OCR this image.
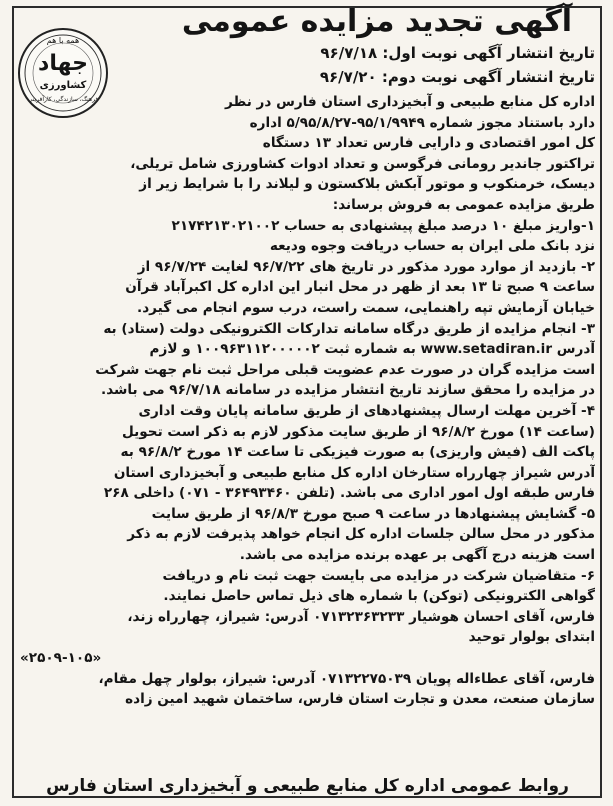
آگهی تجدید مزایده عمومی
همه با هم
جهاد
کشاورزی
فرهنگ، سازندگی، کارآفرینی
تاریخ انتشار آگهی نوبت اول: ۹۶/۷/۱۸
تاریخ انتشار آگهی نوبت دوم: ۹۶/۷/۲۰
اداره کل منابع طبیعی و آبخیزداری استان فارس در نظر
دارد باستناد مجوز شماره ۹۵/۱/۹۹۴۹-۵/۹۵/۸/۲۷ اداره
کل امور اقتصادی و دارایی فارس تعداد ۱۳ دستگاه
تراکتور جاندیر رومانی فرگوسن و تعداد ادوات کشاورزی شامل تریلی،
دیسک، خرمنکوب و موتور آبکش بلاکستون و لیلاند را با شرایط زیر از
طریق مزایده عمومی به فروش برساند:
۱-واریز مبلغ ۱۰ درصد مبلغ پیشنهادی به حساب ۲۱۷۴۲۱۳۰۲۱۰۰۲
نزد بانک ملی ایران به حساب دریافت وجوه ودیعه
۲- بازدید از موارد مورد مذکور در تاریخ های ۹۶/۷/۲۲ لغایت ۹۶/۷/۲۴ از
ساعت ۹ صبح تا ۱۳ بعد از ظهر در محل انبار این اداره کل اکبرآباد قرآن
خیابان آزمایش تپه راهنمایی، سمت راست، درب سوم انجام می گیرد.
۳- انجام مزایده از طریق درگاه سامانه تدارکات الکترونیکی دولت (ستاد) به
آدرس www.setadiran.ir به شماره ثبت ۱۰۰۹۶۳۱۱۲۰۰۰۰۰۲ و لازم
است مزایده گران در صورت عدم عضویت قبلی مراحل ثبت نام جهت شرکت
در مزایده را محقق سازند تاریخ انتشار مزایده در سامانه ۹۶/۷/۱۸ می باشد.
۴- آخرین مهلت ارسال پیشنهادهای از طریق سامانه پایان وقت اداری
(ساعت ۱۴) مورخ ۹۶/۸/۲ از طریق سایت مذکور لازم به ذکر است تحویل
پاکت الف (فیش واریزی) به صورت فیزیکی تا ساعت ۱۴ مورخ ۹۶/۸/۲ به
آدرس شیراز چهارراه ستارخان اداره کل منابع طبیعی و آبخیزداری استان
فارس طبقه اول امور اداری می باشد. (تلفن ۳۶۴۹۳۴۶۰ - ۰۷۱) داخلی ۲۶۸
۵- گشایش پیشنهادها در ساعت ۹ صبح مورخ ۹۶/۸/۳ از طریق سایت
مذکور در محل سالن جلسات اداره کل انجام خواهد پذیرفت لازم به ذکر
است هزینه درج آگهی بر عهده برنده مزایده می باشد.
۶- متقاضیان شرکت در مزایده می بایست جهت ثبت نام و دریافت
گواهی الکترونیکی (توکن) با شماره های ذیل تماس حاصل نمایند.
فارس، آقای احسان هوشیار ۰۷۱۳۲۳۶۳۲۳۳ آدرس: شیراز، چهارراه زند،
ابتدای بولوار توحید
«۲۵۰۹-۱۰۵»
فارس، آقای عطاءاله پویان ۰۷۱۳۲۲۷۵۰۳۹ آدرس: شیراز، بولوار چهل مقام،
سازمان صنعت، معدن و تجارت استان فارس، ساختمان شهید امین زاده
روابط عمومی اداره کل منابع طبیعی و آبخیزداری استان فارس
